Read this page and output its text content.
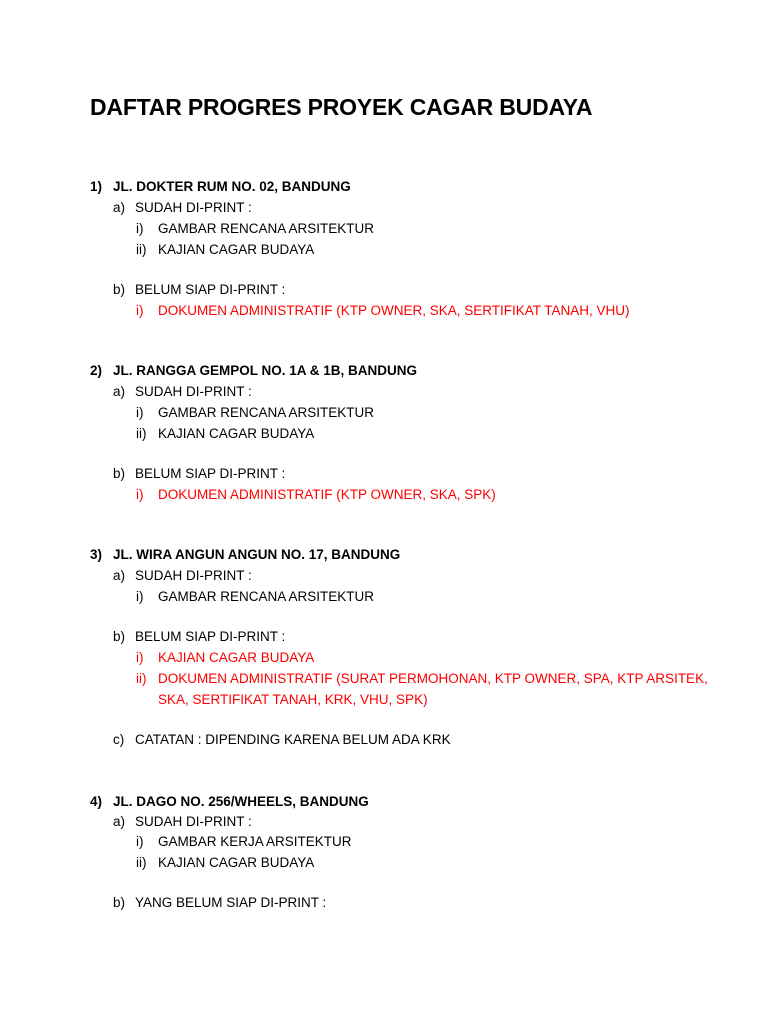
DAFTAR PROGRES PROYEK CAGAR BUDAYA
1) JL. DOKTER RUM NO. 02, BANDUNG
a) SUDAH DI-PRINT :
i) GAMBAR RENCANA ARSITEKTUR
ii) KAJIAN CAGAR BUDAYA
b) BELUM SIAP DI-PRINT :
i) DOKUMEN ADMINISTRATIF (KTP OWNER, SKA, SERTIFIKAT TANAH, VHU)
2) JL. RANGGA GEMPOL NO. 1A & 1B, BANDUNG
a) SUDAH DI-PRINT :
i) GAMBAR RENCANA ARSITEKTUR
ii) KAJIAN CAGAR BUDAYA
b) BELUM SIAP DI-PRINT :
i) DOKUMEN ADMINISTRATIF (KTP OWNER, SKA, SPK)
3) JL. WIRA ANGUN ANGUN NO. 17, BANDUNG
a) SUDAH DI-PRINT :
i) GAMBAR RENCANA ARSITEKTUR
b) BELUM SIAP DI-PRINT :
i) KAJIAN CAGAR BUDAYA
ii) DOKUMEN ADMINISTRATIF (SURAT PERMOHONAN, KTP OWNER, SPA, KTP ARSITEK,
SKA, SERTIFIKAT TANAH, KRK, VHU, SPK)
c) CATATAN : DIPENDING KARENA BELUM ADA KRK
4) JL. DAGO NO. 256/WHEELS, BANDUNG
a) SUDAH DI-PRINT :
i) GAMBAR KERJA ARSITEKTUR
ii) KAJIAN CAGAR BUDAYA
b) YANG BELUM SIAP DI-PRINT :
